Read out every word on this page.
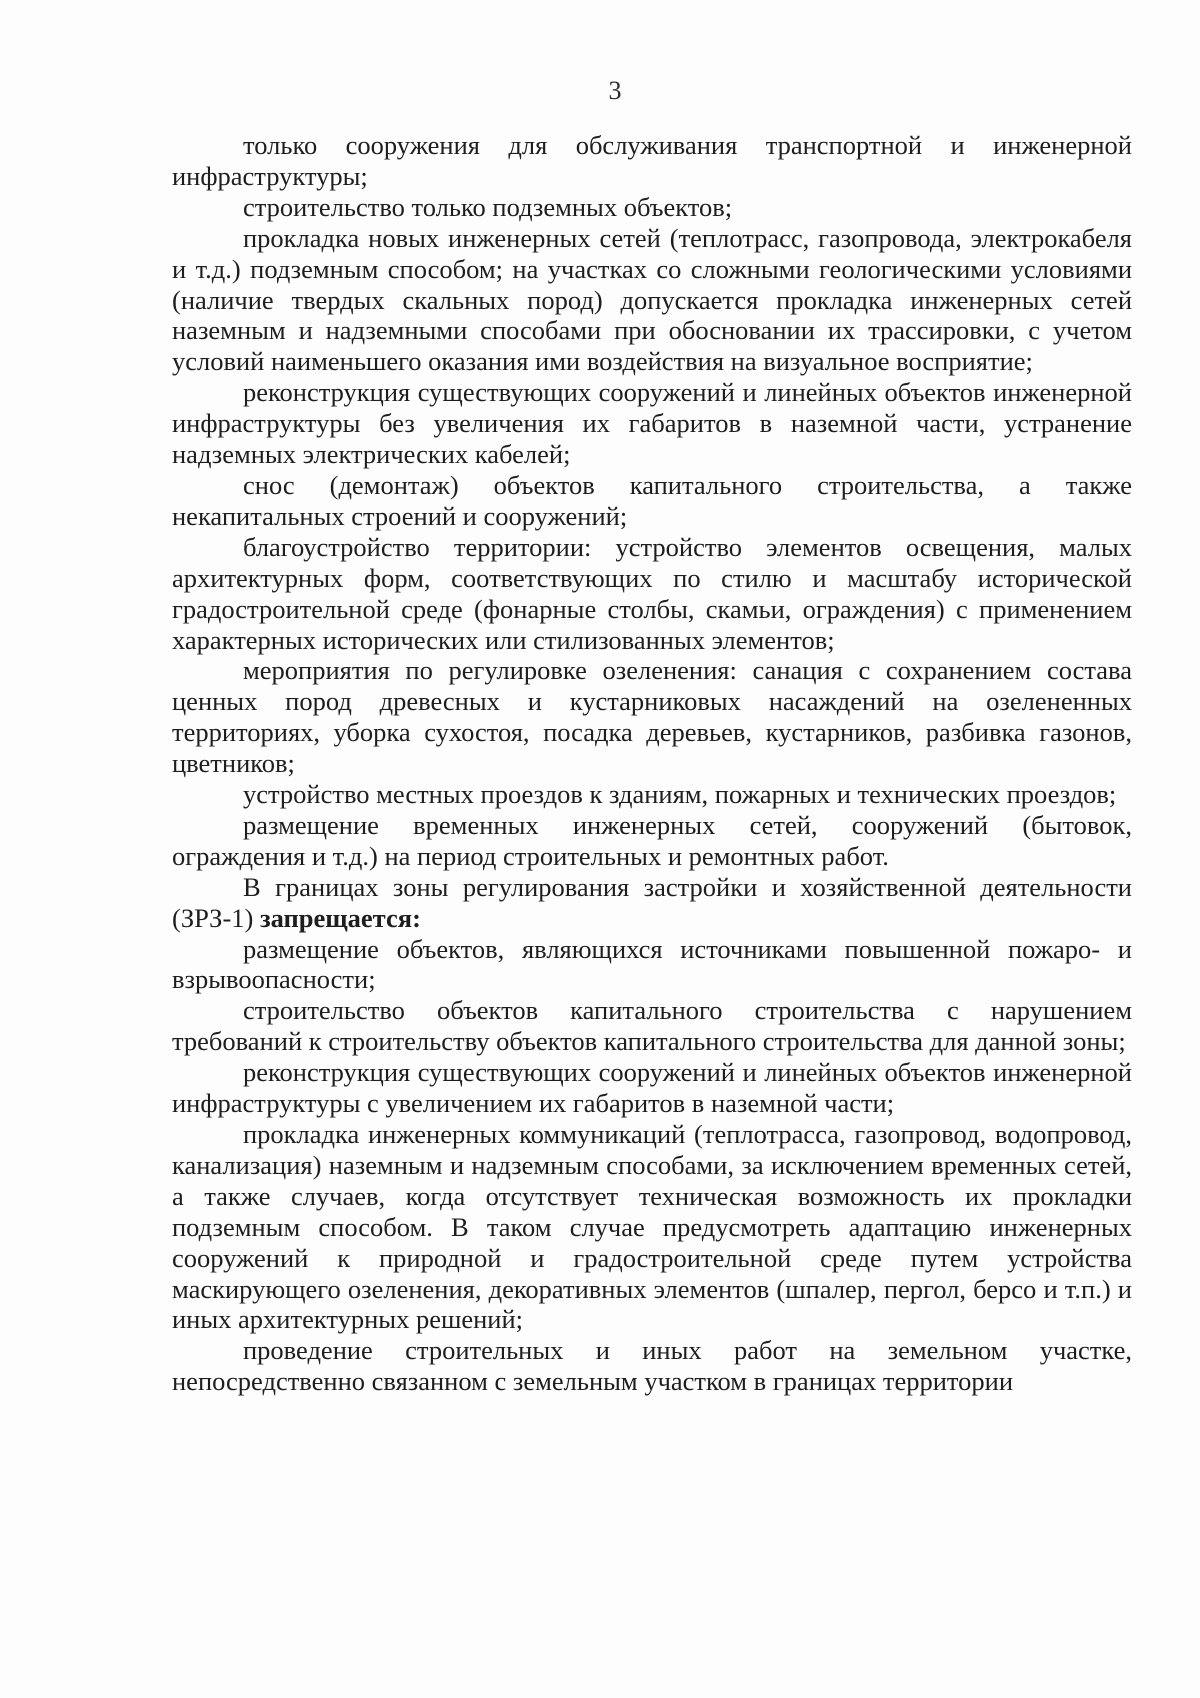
3

только сооружения для обслуживания транспортной и инженерной инфраструктуры;

строительство только подземных объектов;

прокладка новых инженерных сетей (теплотрасс, газопровода, электрокабеля и т.д.) подземным способом; на участках со сложными геологическими условиями (наличие твердых скальных пород) допускается прокладка инженерных сетей наземным и надземными способами при обосновании их трассировки, с учетом условий наименьшего оказания ими воздействия на визуальное восприятие;

реконструкция существующих сооружений и линейных объектов инженерной инфраструктуры без увеличения их габаритов в наземной части, устранение надземных электрических кабелей;

снос (демонтаж) объектов капитального строительства, а также некапитальных строений и сооружений;

благоустройство территории: устройство элементов освещения, малых архитектурных форм, соответствующих по стилю и масштабу исторической градостроительной среде (фонарные столбы, скамьи, ограждения) с применением характерных исторических или стилизованных элементов;

мероприятия по регулировке озеленения: санация с сохранением состава ценных пород древесных и кустарниковых насаждений на озелененных территориях, уборка сухостоя, посадка деревьев, кустарников, разбивка газонов, цветников;

устройство местных проездов к зданиям, пожарных и технических проездов;

размещение временных инженерных сетей, сооружений (бытовок, ограждения и т.д.) на период строительных и ремонтных работ.

В границах зоны регулирования застройки и хозяйственной деятельности (ЗРЗ-1) запрещается:

размещение объектов, являющихся источниками повышенной пожаро- и взрывоопасности;

строительство объектов капитального строительства с нарушением требований к строительству объектов капитального строительства для данной зоны;

реконструкция существующих сооружений и линейных объектов инженерной инфраструктуры с увеличением их габаритов в наземной части;

прокладка инженерных коммуникаций (теплотрасса, газопровод, водопровод, канализация) наземным и надземным способами, за исключением временных сетей, а также случаев, когда отсутствует техническая возможность их прокладки подземным способом. В таком случае предусмотреть адаптацию инженерных сооружений к природной и градостроительной среде путем устройства маскирующего озеленения, декоративных элементов (шпалер, пергол, берсо и т.п.) и иных архитектурных решений;

проведение строительных и иных работ на земельном участке, непосредственно связанном с земельным участком в границах территории
